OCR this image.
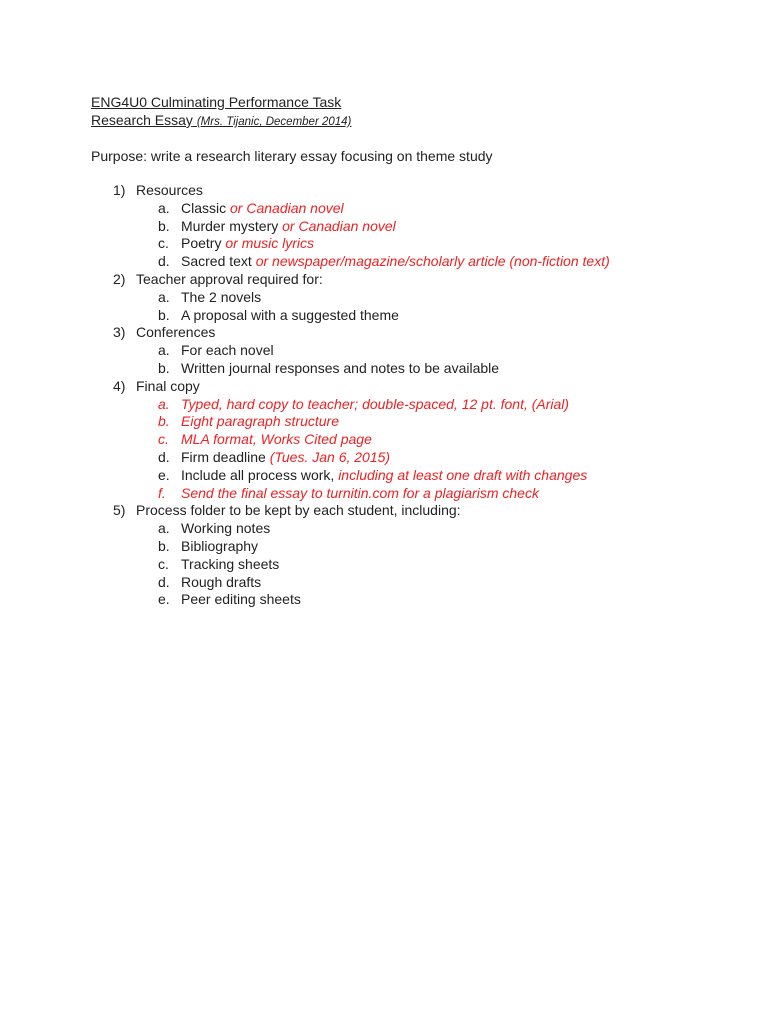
ENG4U0 Culminating Performance Task
Research Essay (Mrs. Tijanic, December 2014)
Purpose: write a research literary essay focusing on theme study
1) Resources
a. Classic or Canadian novel
b. Murder mystery or Canadian novel
c. Poetry or music lyrics
d. Sacred text or newspaper/magazine/scholarly article (non-fiction text)
2) Teacher approval required for:
a. The 2 novels
b. A proposal with a suggested theme
3) Conferences
a. For each novel
b. Written journal responses and notes to be available
4) Final copy
a. Typed, hard copy to teacher; double-spaced, 12 pt. font, (Arial)
b. Eight paragraph structure
c. MLA format, Works Cited page
d. Firm deadline (Tues. Jan 6, 2015)
e. Include all process work, including at least one draft with changes
f. Send the final essay to turnitin.com for a plagiarism check
5) Process folder to be kept by each student, including:
a. Working notes
b. Bibliography
c. Tracking sheets
d. Rough drafts
e. Peer editing sheets
